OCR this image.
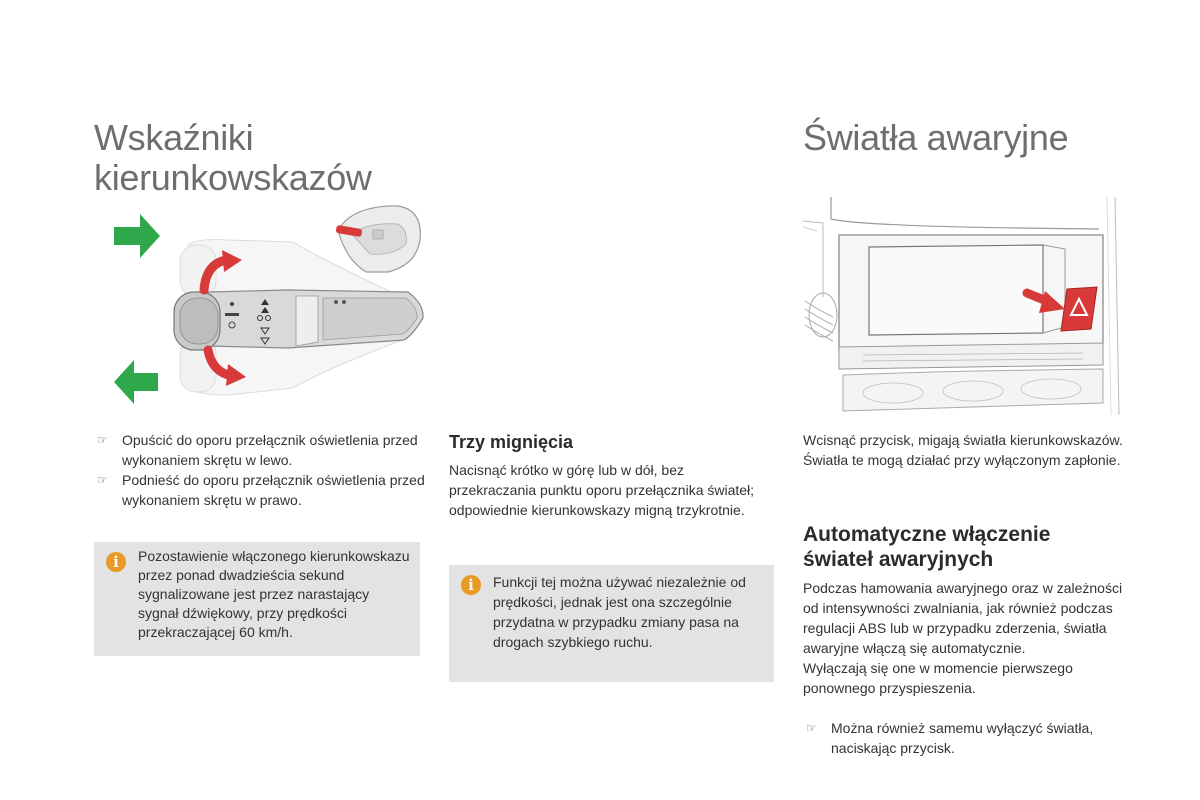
Wskaźniki kierunkowskazów
☞ Opuścić do oporu przełącznik oświetlenia przed wykonaniem skrętu w lewo.
☞ Podnieść do oporu przełącznik oświetlenia przed wykonaniem skrętu w prawo.
i	Pozostawienie włączonego kierunkowskazu przez ponad dwadzieścia sekund sygnalizowane jest przez narastający sygnał dźwiękowy, przy prędkości przekraczającej 60 km/h.
Trzy mignięcia
Nacisnąć krótko w górę lub w dół, bez przekraczania punktu oporu przełącznika świateł; odpowiednie kierunkowskazy migną trzykrotnie.
i	Funkcji tej można używać niezależnie od prędkości, jednak jest ona szczególnie przydatna w przypadku zmiany pasa na drogach szybkiego ruchu.
Światła awaryjne
Wcisnąć przycisk, migają światła kierunkowskazów.
Światła te mogą działać przy wyłączonym zapłonie.
Automatyczne włączenie świateł awaryjnych
Podczas hamowania awaryjnego oraz w zależności od intensywności zwalniania, jak również podczas regulacji ABS lub w przypadku zderzenia, światła awaryjne włączą się automatycznie.
Wyłączają się one w momencie pierwszego ponownego przyspieszenia.
☞ Można również samemu wyłączyć światła, naciskając przycisk.
